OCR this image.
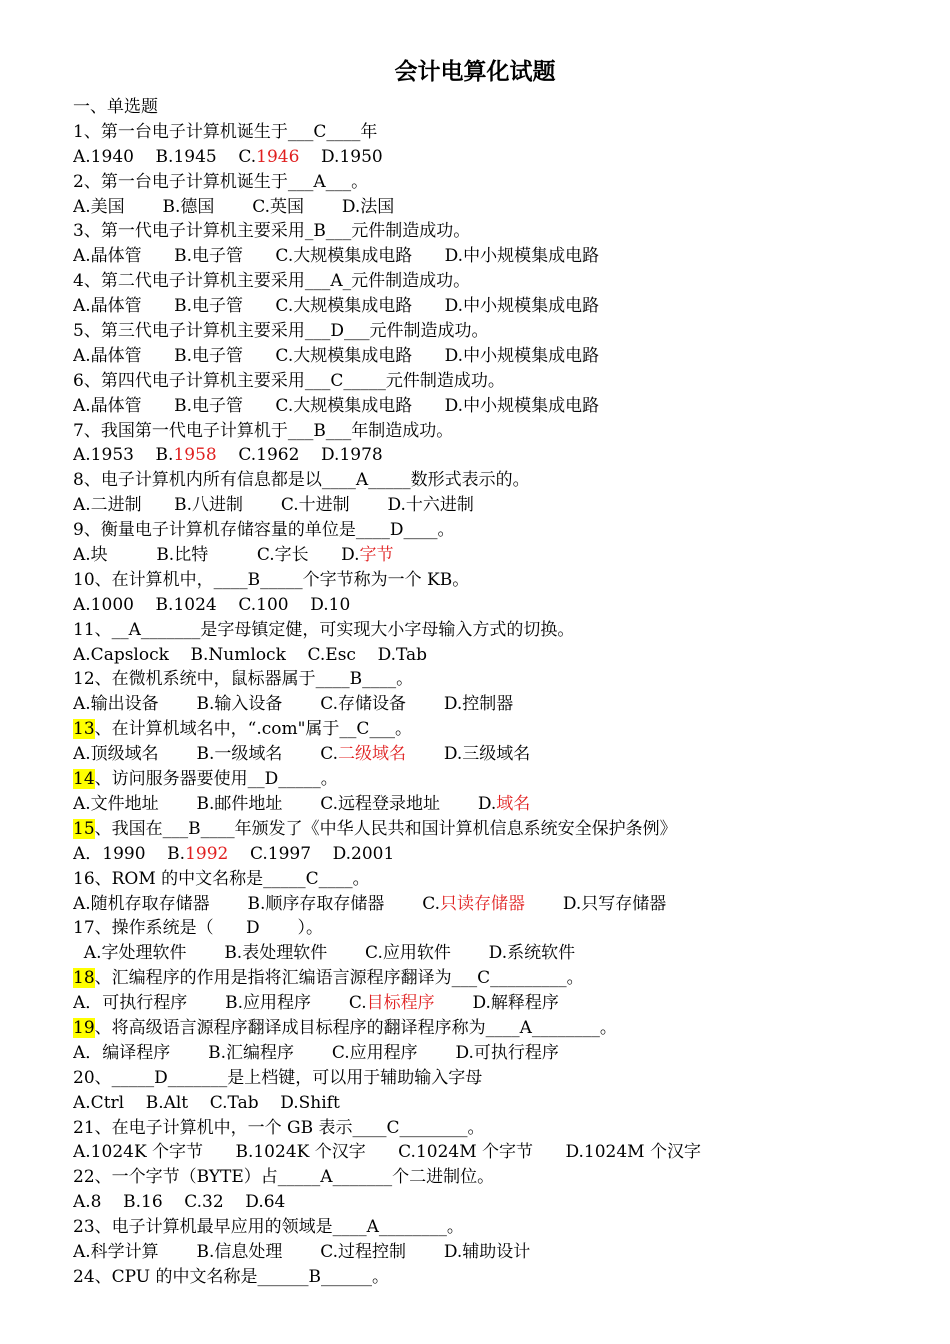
会计电算化试题
一、单选题
1、第一台电子计算机诞生于___C____年
A.1940    B.1945    C.1946    D.1950
2、第一台电子计算机诞生于___A___。
A.美国       B.德国       C.英国       D.法国
3、第一代电子计算机主要采用_B___元件制造成功。
A.晶体管      B.电子管      C.大规模集成电路      D.中小规模集成电路
4、第二代电子计算机主要采用___A_元件制造成功。
A.晶体管      B.电子管      C.大规模集成电路      D.中小规模集成电路
5、第三代电子计算机主要采用___D___元件制造成功。
A.晶体管      B.电子管      C.大规模集成电路      D.中小规模集成电路
6、第四代电子计算机主要采用___C_____元件制造成功。
A.晶体管      B.电子管      C.大规模集成电路      D.中小规模集成电路
7、我国第一代电子计算机于___B___年制造成功。
A.1953    B.1958    C.1962    D.1978
8、电子计算机内所有信息都是以____A_____数形式表示的。
A.二进制      B.八进制       C.十进制       D.十六进制
9、衡量电子计算机存储容量的单位是____D____。
A.块         B.比特         C.字长      D.字节
10、在计算机中，____B_____个字节称为一个 KB。
A.1000    B.1024    C.100    D.10
11、__A_______是字母镇定健，可实现大小字母输入方式的切换。
A.Capslock    B.Numlock    C.Esc    D.Tab
12、在微机系统中，鼠标器属于____B____。
A.输出设备       B.输入设备       C.存储设备       D.控制器
13、在计算机域名中，“.com"属于__C___。
A.顶级域名       B.一级域名       C.二级域名       D.三级域名
14、访问服务器要使用__D_____。
A.文件地址       B.邮件地址       C.远程登录地址       D.域名
15、我国在___B____年颁发了《中华人民共和国计算机信息系统安全保护条例》
A．1990    B.1992    C.1997    D.2001
16、ROM 的中文名称是_____C____。
A.随机存取存储器       B.顺序存取存储器       C.只读存储器       D.只写存储器
17、操作系统是（      D       ）。
A.字处理软件       B.表处理软件       C.应用软件       D.系统软件
18、汇编程序的作用是指将汇编语言源程序翻译为___C_________。
A．可执行程序       B.应用程序       C.目标程序       D.解释程序
19、将高级语言源程序翻译成目标程序的翻译程序称为____A________。
A．编译程序       B.汇编程序       C.应用程序       D.可执行程序
20、_____D_______是上档键，可以用于辅助输入字母
A.Ctrl    B.Alt    C.Tab    D.Shift
21、在电子计算机中，一个 GB 表示____C________。
A.1024K 个字节      B.1024K 个汉字      C.1024M 个字节      D.1024M 个汉字
22、一个字节（BYTE）占_____A_______个二进制位。
A.8    B.16    C.32    D.64
23、电子计算机最早应用的领域是____A________。
A.科学计算       B.信息处理       C.过程控制       D.辅助设计
24、CPU 的中文名称是______B______。
